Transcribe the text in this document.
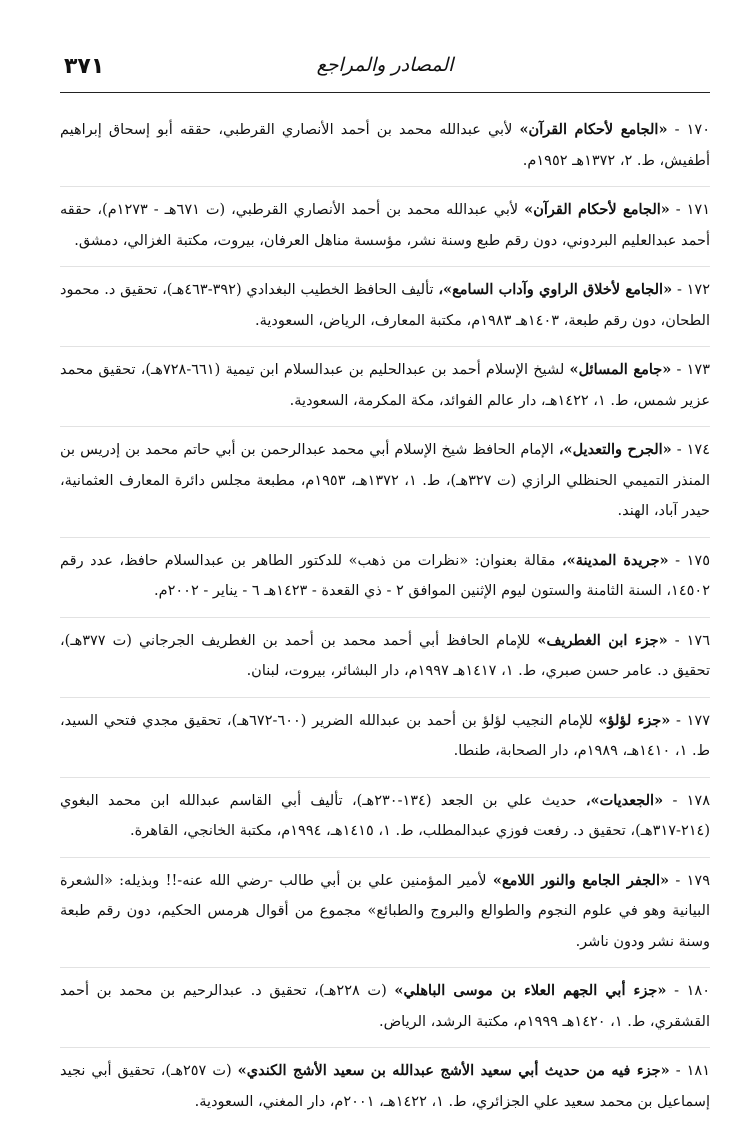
٣٧١	المصادر والمراجع

١٧٠ - «الجامع لأحكام القرآن» لأبي عبدالله محمد بن أحمد الأنصاري القرطبي، حققه أبو إسحاق إبراهيم أطفيش، ط. ٢، ١٣٧٢هـ ١٩٥٢م.

١٧١ - «الجامع لأحكام القرآن» لأبي عبدالله محمد بن أحمد الأنصاري القرطبي، (ت ٦٧١هـ - ١٢٧٣م)، حققه أحمد عبدالعليم البردوني، دون رقم طبع وسنة نشر، مؤسسة مناهل العرفان، بيروت، مكتبة الغزالي، دمشق.

١٧٢ - «الجامع لأخلاق الراوي وآداب السامع»، تأليف الحافظ الخطيب البغدادي (٣٩٢-٤٦٣هـ)، تحقيق د. محمود الطحان، دون رقم طبعة، ١٤٠٣هـ ١٩٨٣م، مكتبة المعارف، الرياض، السعودية.

١٧٣ - «جامع المسائل» لشيخ الإسلام أحمد بن عبدالحليم بن عبدالسلام ابن تيمية (٦٦١-٧٢٨هـ)، تحقيق محمد عزير شمس، ط. ١، ١٤٢٢هـ، دار عالم الفوائد، مكة المكرمة، السعودية.

١٧٤ - «الجرح والتعديل»، الإمام الحافظ شيخ الإسلام أبي محمد عبدالرحمن بن أبي حاتم محمد بن إدريس بن المنذر التميمي الحنظلي الرازي (ت ٣٢٧هـ)، ط. ١، ١٣٧٢هـ، ١٩٥٣م، مطبعة مجلس دائرة المعارف العثمانية، حيدر آباد، الهند.

١٧٥ - «جريدة المدينة»، مقالة بعنوان: «نظرات من ذهب» للدكتور الطاهر بن عبدالسلام حافظ، عدد رقم ١٤٥٠٢، السنة الثامنة والستون ليوم الإثنين الموافق ٢ - ذي القعدة - ١٤٢٣هـ ٦ - يناير - ٢٠٠٢م.

١٧٦ - «جزء ابن الغطريف» للإمام الحافظ أبي أحمد محمد بن أحمد بن الغطريف الجرجاني (ت ٣٧٧هـ)، تحقيق د. عامر حسن صبري، ط. ١، ١٤١٧هـ ١٩٩٧م، دار البشائر، بيروت، لبنان.

١٧٧ - «جزء لؤلؤ» للإمام النجيب لؤلؤ بن أحمد بن عبدالله الضرير (٦٠٠-٦٧٢هـ)، تحقيق مجدي فتحي السيد، ط. ١، ١٤١٠هـ، ١٩٨٩م، دار الصحابة، طنطا.

١٧٨ - «الجعديات»، حديث علي بن الجعد (١٣٤-٢٣٠هـ)، تأليف أبي القاسم عبدالله ابن محمد البغوي (٢١٤-٣١٧هـ)، تحقيق د. رفعت فوزي عبدالمطلب، ط. ١، ١٤١٥هـ، ١٩٩٤م، مكتبة الخانجي، القاهرة.

١٧٩ - «الجفر الجامع والنور اللامع» لأمير المؤمنين علي بن أبي طالب -رضي الله عنه-!! وبذيله: «الشعرة البيانية وهو في علوم النجوم والطوالع والبروج والطبائع» مجموع من أقوال هرمس الحكيم، دون رقم طبعة وسنة نشر ودون ناشر.

١٨٠ - «جزء أبي الجهم العلاء بن موسى الباهلي» (ت ٢٢٨هـ)، تحقيق د. عبدالرحيم بن محمد بن أحمد القشقري، ط. ١، ١٤٢٠هـ ١٩٩٩م، مكتبة الرشد، الرياض.

١٨١ - «جزء فيه من حديث أبي سعيد الأشج عبدالله بن سعيد الأشج الكندي» (ت ٢٥٧هـ)، تحقيق أبي نجيد إسماعيل بن محمد سعيد علي الجزائري، ط. ١، ١٤٢٢هـ، ٢٠٠١م، دار المغني، السعودية.
